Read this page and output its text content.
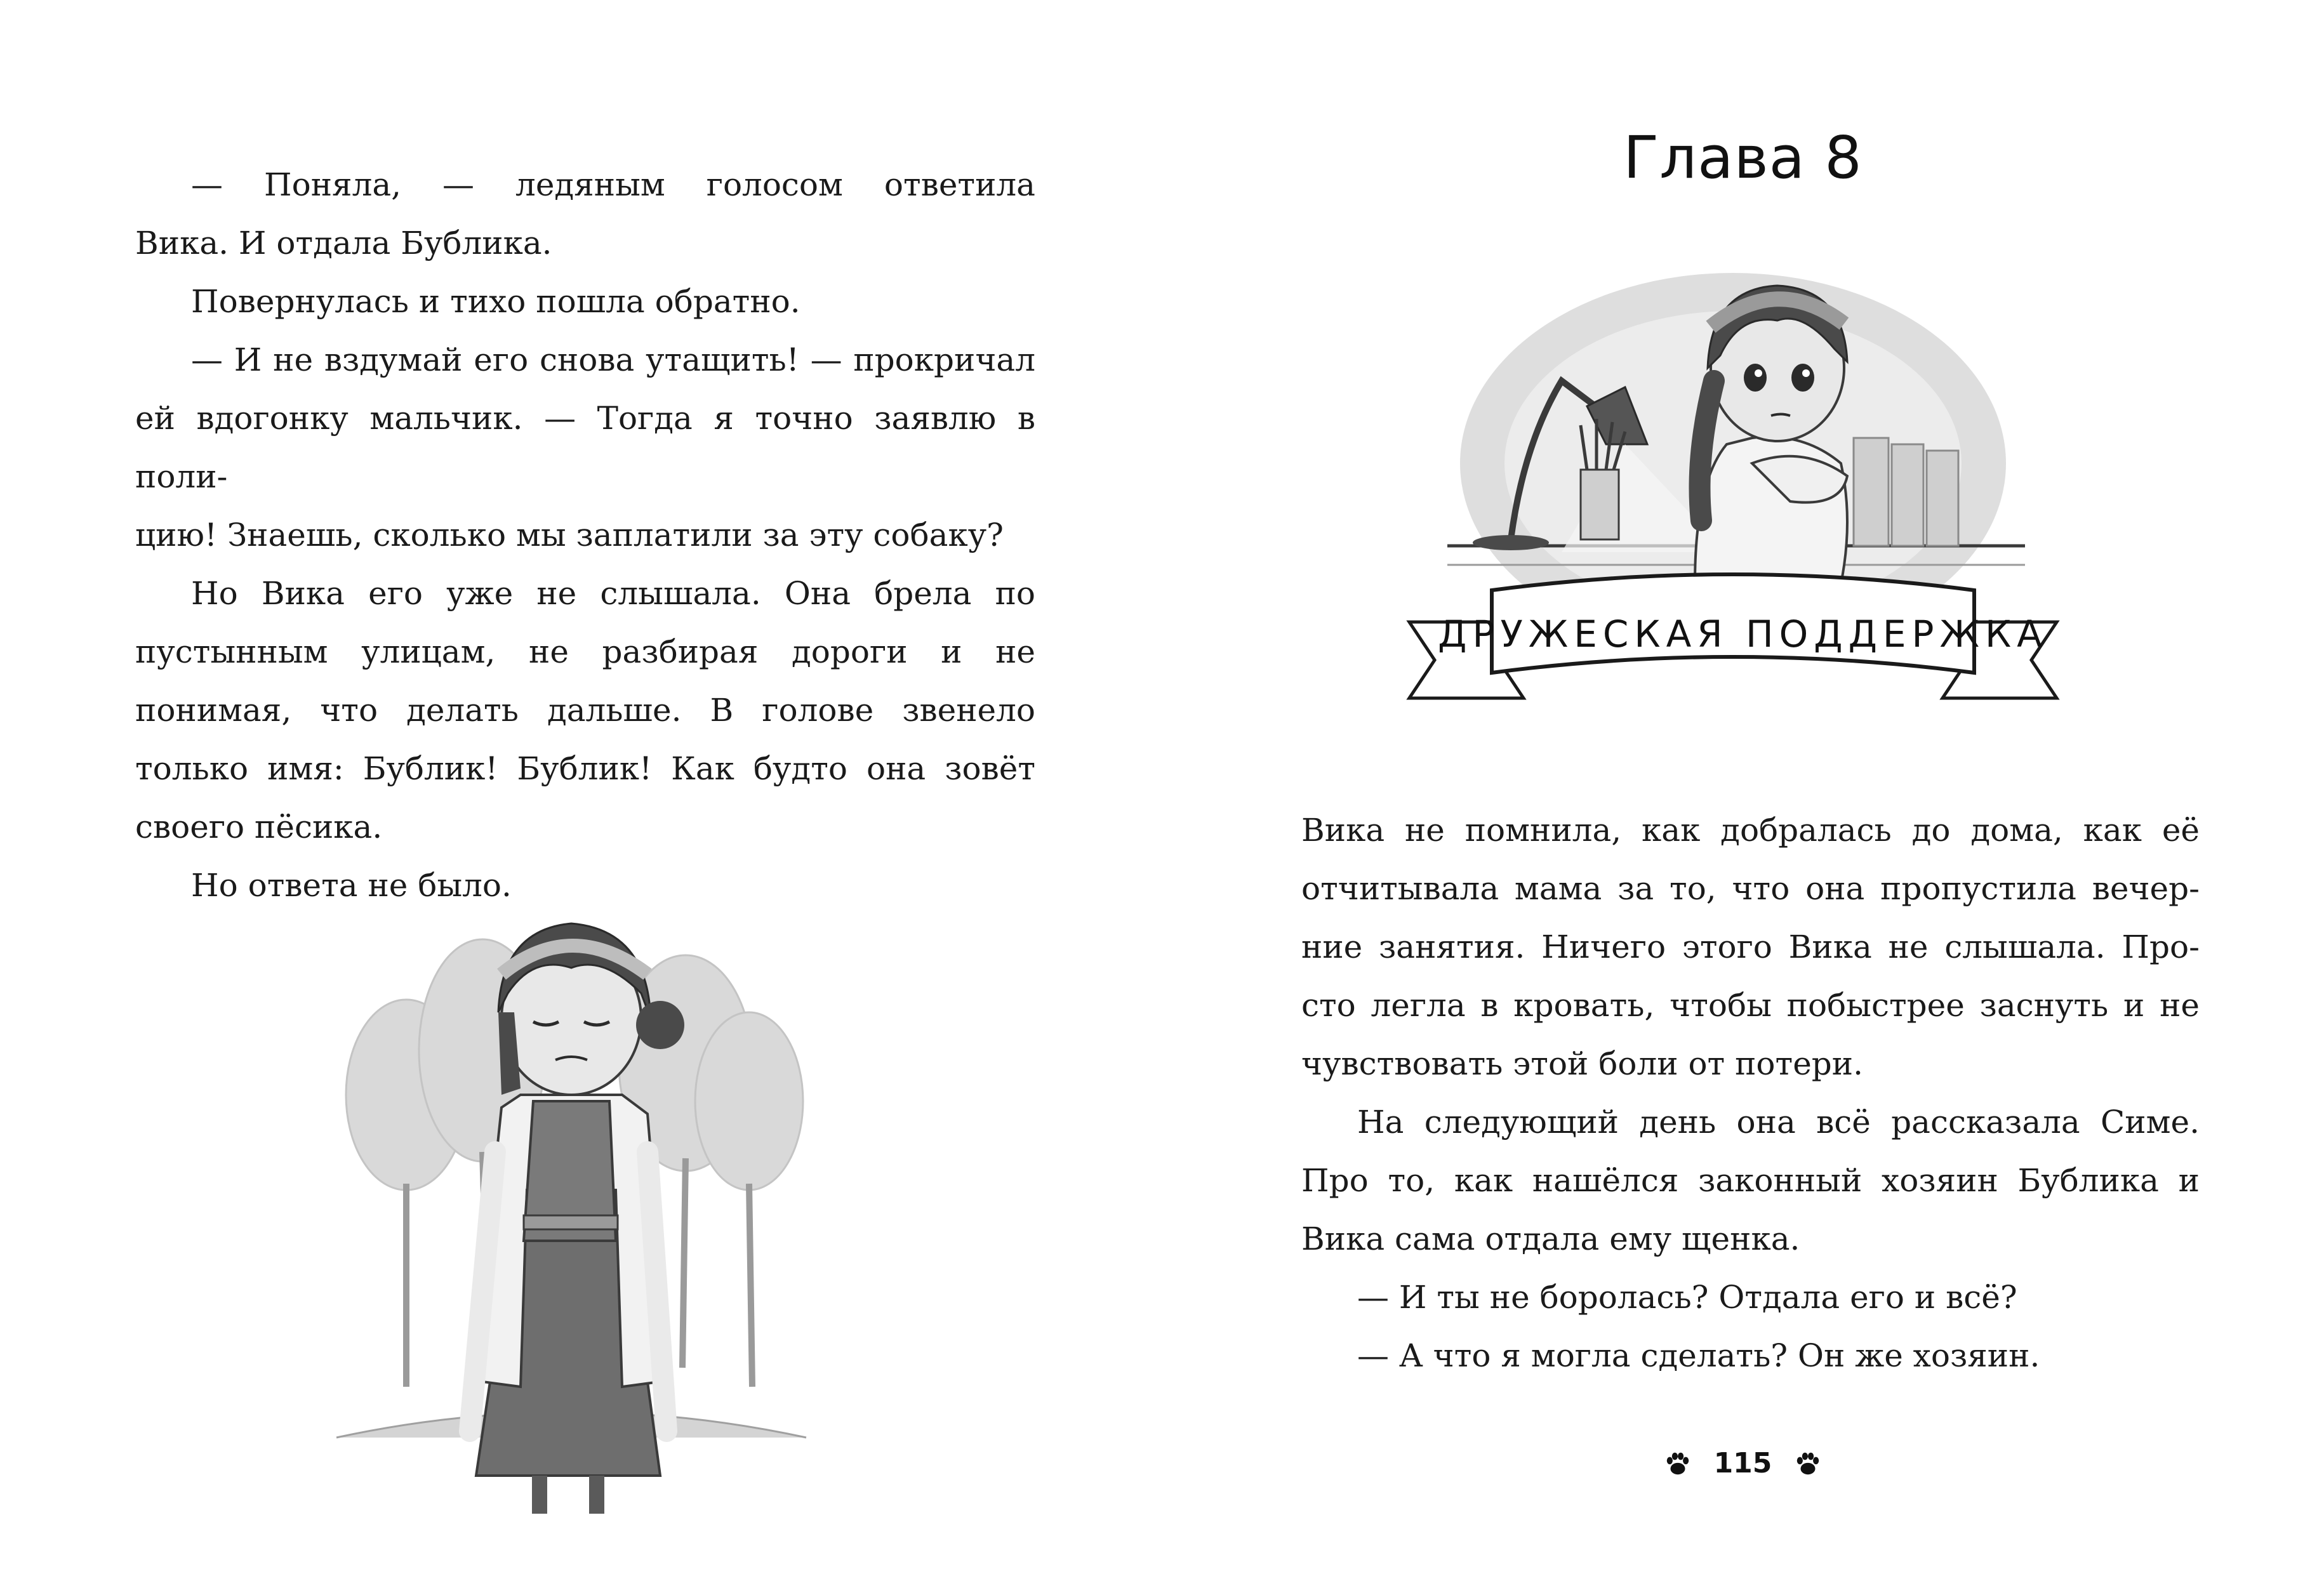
— Поняла, — ледяным голосом ответила

Вика. И отдала Бублика.

Повернулась и тихо пошла обратно.

— И не вздумай его снова утащить! — прокричал

ей вдогонку мальчик. — Тогда я точно заявлю в поли-

цию! Знаешь, сколько мы заплатили за эту собаку?

Но Вика его уже не слышала. Она брела по

пустынным улицам, не разбирая дороги и не

понимая, что делать дальше. В голове звенело

только имя: Бублик! Бублик! Как будто она зовёт

своего пёсика.

Но ответа не было.

Глава 8
ДРУЖЕСКАЯ ПОДДЕРЖКА

Вика не помнила, как добралась до дома, как её

отчитывала мама за то, что она пропустила вечер-

ние занятия. Ничего этого Вика не слышала. Про-

сто легла в кровать, чтобы побыстрее заснуть и не

чувствовать этой боли от потери.

На следующий день она всё рассказала Симе.

Про то, как нашёлся законный хозяин Бублика и

Вика сама отдала ему щенка.

— И ты не боролась? Отдала его и всё?

— А что я могла сделать? Он же хозяин.

115
